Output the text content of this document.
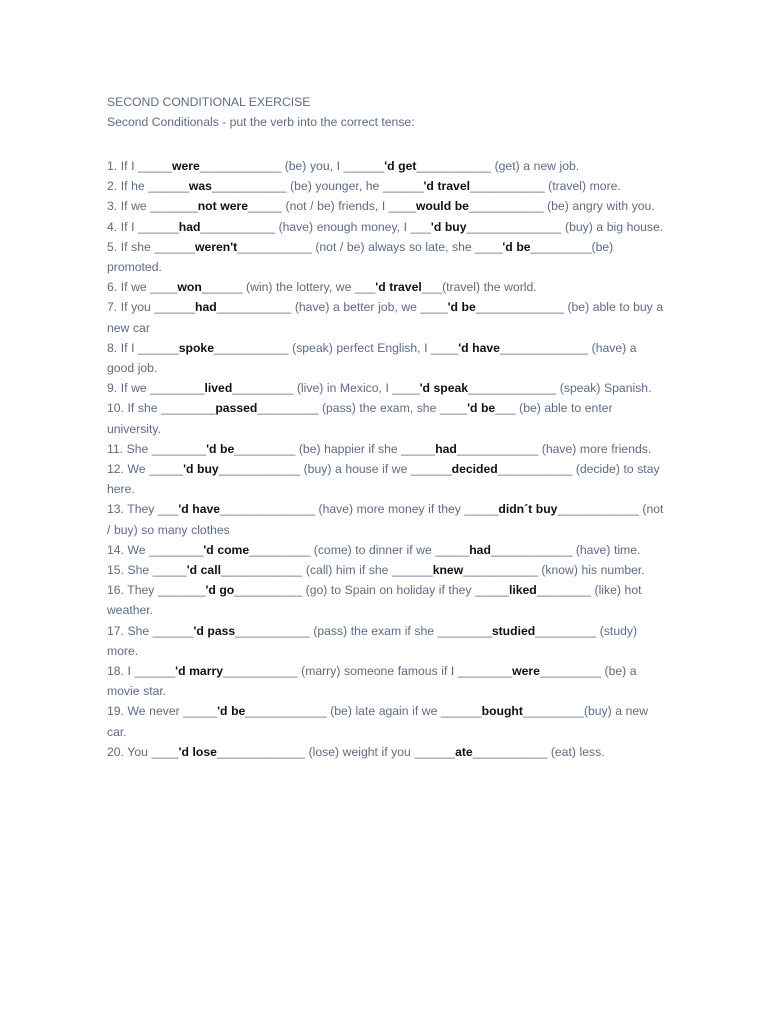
SECOND CONDITIONAL EXERCISE
Second Conditionals - put the verb into the correct tense:
1. If I _____were____________ (be) you, I ______'d get___________ (get) a new job.
2. If he ______was___________ (be) younger, he ______'d travel___________ (travel) more.
3. If we _______not were_____ (not / be) friends, I ____would be___________ (be) angry with you.
4. If I ______had___________ (have) enough money, I ___'d buy______________ (buy) a big house.
5. If she ______weren't___________ (not / be) always so late, she ____'d be_________(be) promoted.
6. If we ____won______ (win) the lottery, we ___'d travel___(travel) the world.
7. If you ______had___________ (have) a better job, we ____'d be_____________ (be) able to buy a new car
8. If I ______spoke___________ (speak) perfect English, I ____'d have_____________ (have) a good job.
9. If we ________lived_________ (live) in Mexico, I ____'d speak_____________ (speak) Spanish.
10. If she ________passed_________ (pass) the exam, she ____'d be___ (be) able to enter university.
11. She ________'d be_________ (be) happier if she _____had____________ (have) more friends.
12. We _____'d buy____________ (buy) a house if we ______decided___________ (decide) to stay here.
13. They ___'d have______________ (have) more money if they _____didn´t buy____________ (not / buy) so many clothes
14. We ________'d come_________ (come) to dinner if we _____had____________ (have) time.
15. She _____'d call____________ (call) him if she ______knew___________ (know) his number.
16. They _______'d go__________ (go) to Spain on holiday if they _____liked________ (like) hot weather.
17. She ______'d pass___________ (pass) the exam if she ________studied_________ (study) more.
18. I ______'d marry___________ (marry) someone famous if I ________were_________ (be) a movie star.
19. We never _____'d be____________ (be) late again if we ______bought_________(buy) a new car.
20. You ____'d lose_____________ (lose) weight if you ______ate___________ (eat) less.
